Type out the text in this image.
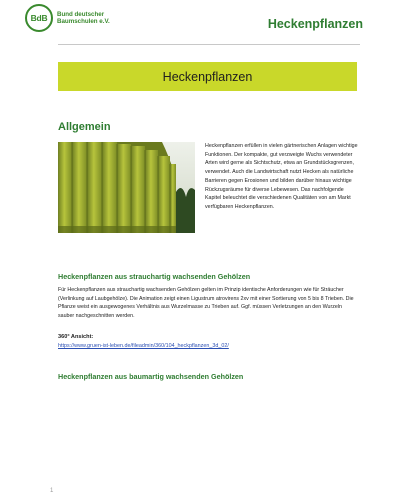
BdB	Bund deutscher
Baumschulen e.V.	Heckenpflanzen
Heckenpflanzen
Allgemein
Heckenpflanzen erfüllen in vielen gärtnerischen Anlagen wichtige Funktionen. Der kompakte, gut verzweigte Wuchs verwendeter Arten wird gerne als Sichtschutz, etwa an Grundstücksgrenzen, verwendet. Auch die Landwirtschaft nutzt Hecken als natürliche Barrieren gegen Erosionen und bilden darüber hinaus wichtige Rückzugsräume für diverse Lebewesen. Das nachfolgende Kapitel beleuchtet die verschiedenen Qualitäten von am Markt verfügbaren Heckenpflanzen.
Heckenpflanzen aus strauchartig wachsenden Gehölzen
Für Heckenpflanzen aus strauchartig wachsenden Gehölzen gelten im Prinzip identische Anforderungen wie für Sträucher (Verlinkung auf Laubgehölze). Die Animation zeigt einen Ligustrum atrovirens 2xv mit einer Sortierung von 5 bis 8 Trieben. Die Pflanze weist ein ausgewogenes Verhältnis aus Wurzelmasse zu Trieben auf. Ggf. müssen Verletzungen an den Wurzeln sauber nachgeschnitten werden.
360° Ansicht:
https://www.gruen-ist-leben.de/fileadmin/360/104_heckpflanzen_3d_02/
Heckenpflanzen aus baumartig wachsenden Gehölzen
1
